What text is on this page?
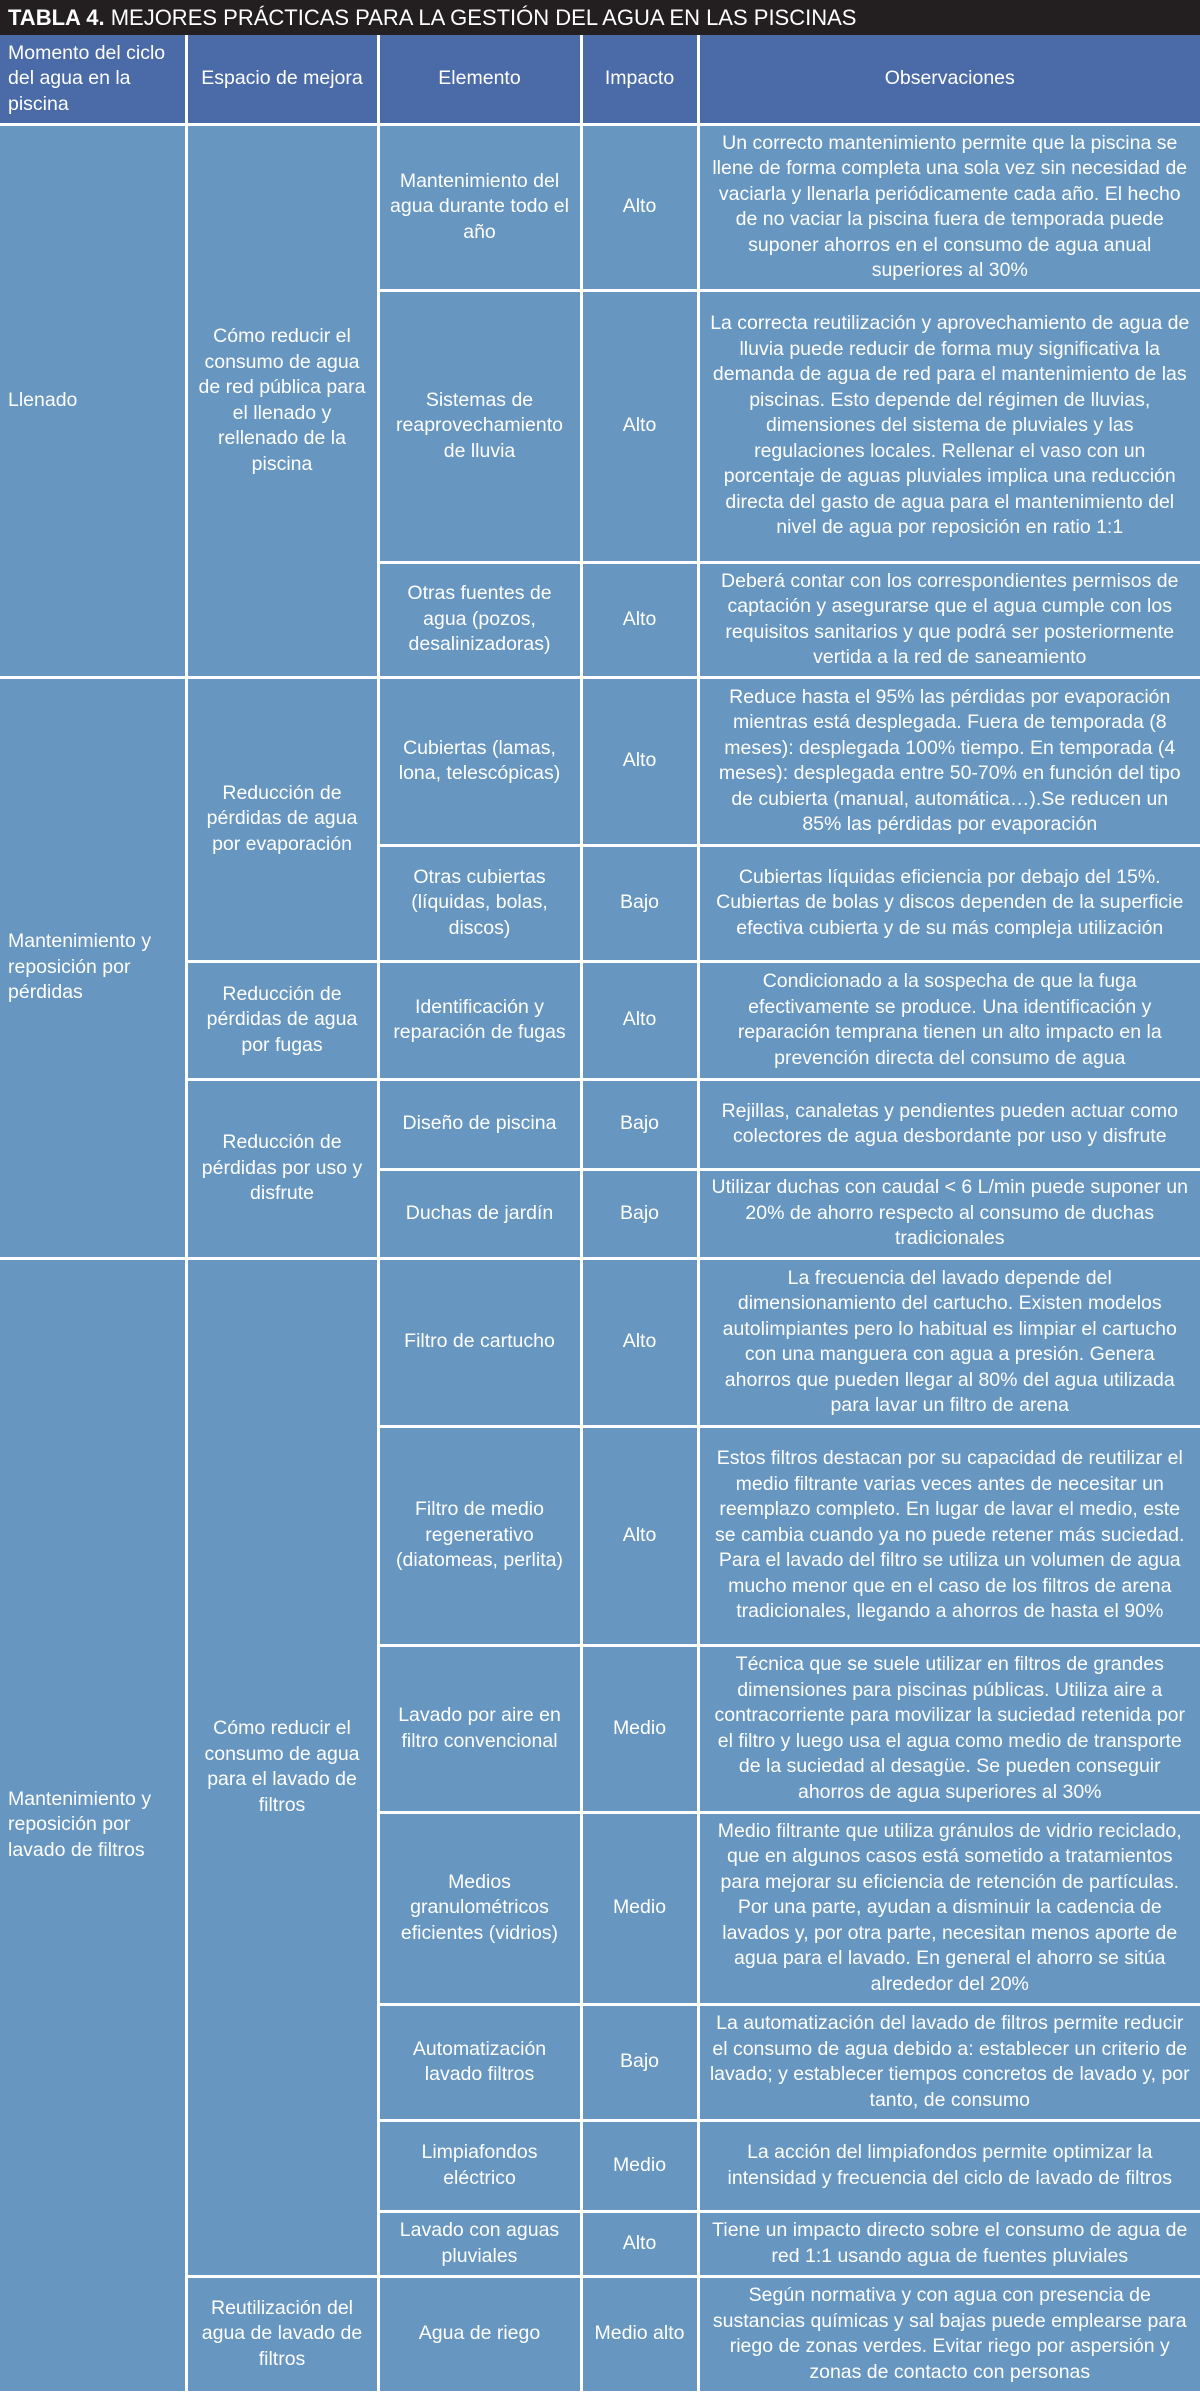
TABLA 4. MEJORES PRÁCTICAS PARA LA GESTIÓN DEL AGUA EN LAS PISCINAS
Momento del ciclo del agua en la piscina	Espacio de mejora	Elemento	Impacto	Observaciones
Llenado	Cómo reducir el consumo de agua de red pública para el llenado y rellenado de la piscina	Mantenimiento del agua durante todo el año	Alto	Un correcto mantenimiento permite que la piscina se llene de forma completa una sola vez sin necesidad de vaciarla y llenarla periódicamente cada año. El hecho de no vaciar la piscina fuera de temporada puede suponer ahorros en el consumo de agua anual superiores al 30%
		Sistemas de reaprovechamiento de lluvia	Alto	La correcta reutilización y aprovechamiento de agua de lluvia puede reducir de forma muy significativa la demanda de agua de red para el mantenimiento de las piscinas. Esto depende del régimen de lluvias, dimensiones del sistema de pluviales y las regulaciones locales. Rellenar el vaso con un porcentaje de aguas pluviales implica una reducción directa del gasto de agua para el mantenimiento del nivel de agua por reposición en ratio 1:1
		Otras fuentes de agua (pozos, desalinizadoras)	Alto	Deberá contar con los correspondientes permisos de captación y asegurarse que el agua cumple con los requisitos sanitarios y que podrá ser posteriormente vertida a la red de saneamiento
Mantenimiento y reposición por pérdidas	Reducción de pérdidas de agua por evaporación	Cubiertas (lamas, lona, telescópicas)	Alto	Reduce hasta el 95% las pérdidas por evaporación mientras está desplegada. Fuera de temporada (8 meses): desplegada 100% tiempo. En temporada (4 meses): desplegada entre 50-70% en función del tipo de cubierta (manual, automática…).Se reducen un 85% las pérdidas por evaporación
		Otras cubiertas (líquidas, bolas, discos)	Bajo	Cubiertas líquidas eficiencia por debajo del 15%. Cubiertas de bolas y discos dependen de la superficie efectiva cubierta y de su más compleja utilización
	Reducción de pérdidas de agua por fugas	Identificación y reparación de fugas	Alto	Condicionado a la sospecha de que la fuga efectivamente se produce. Una identificación y reparación temprana tienen un alto impacto en la prevención directa del consumo de agua
	Reducción de pérdidas por uso y disfrute	Diseño de piscina	Bajo	Rejillas, canaletas y pendientes pueden actuar como colectores de agua desbordante por uso y disfrute
		Duchas de jardín	Bajo	Utilizar duchas con caudal < 6 L/min puede suponer un 20% de ahorro respecto al consumo de duchas tradicionales
Mantenimiento y reposición por lavado de filtros	Cómo reducir el consumo de agua para el lavado de filtros	Filtro de cartucho	Alto	La frecuencia del lavado depende del dimensionamiento del cartucho. Existen modelos autolimpiantes pero lo habitual es limpiar el cartucho con una manguera con agua a presión. Genera ahorros que pueden llegar al 80% del agua utilizada para lavar un filtro de arena
		Filtro de medio regenerativo (diatomeas, perlita)	Alto	Estos filtros destacan por su capacidad de reutilizar el medio filtrante varias veces antes de necesitar un reemplazo completo. En lugar de lavar el medio, este se cambia cuando ya no puede retener más suciedad. Para el lavado del filtro se utiliza un volumen de agua mucho menor que en el caso de los filtros de arena tradicionales, llegando a ahorros de hasta el 90%
		Lavado por aire en filtro convencional	Medio	Técnica que se suele utilizar en filtros de grandes dimensiones para piscinas públicas. Utiliza aire a contracorriente para movilizar la suciedad retenida por el filtro y luego usa el agua como medio de transporte de la suciedad al desagüe. Se pueden conseguir ahorros de agua superiores al 30%
		Medios granulométricos eficientes (vidrios)	Medio	Medio filtrante que utiliza gránulos de vidrio reciclado, que en algunos casos está sometido a tratamientos para mejorar su eficiencia de retención de partículas. Por una parte, ayudan a disminuir la cadencia de lavados y, por otra parte, necesitan menos aporte de agua para el lavado. En general el ahorro se sitúa alrededor del 20%
		Automatización lavado filtros	Bajo	La automatización del lavado de filtros permite reducir el consumo de agua debido a: establecer un criterio de lavado; y establecer tiempos concretos de lavado y, por tanto, de consumo
		Limpiafondos eléctrico	Medio	La acción del limpiafondos permite optimizar la intensidad y frecuencia del ciclo de lavado de filtros
		Lavado con aguas pluviales	Alto	Tiene un impacto directo sobre el consumo de agua de red 1:1 usando agua de fuentes pluviales
	Reutilización del agua de lavado de filtros	Agua de riego	Medio alto	Según normativa y con agua con presencia de sustancias químicas y sal bajas puede emplearse para riego de zonas verdes. Evitar riego por aspersión y zonas de contacto con personas
